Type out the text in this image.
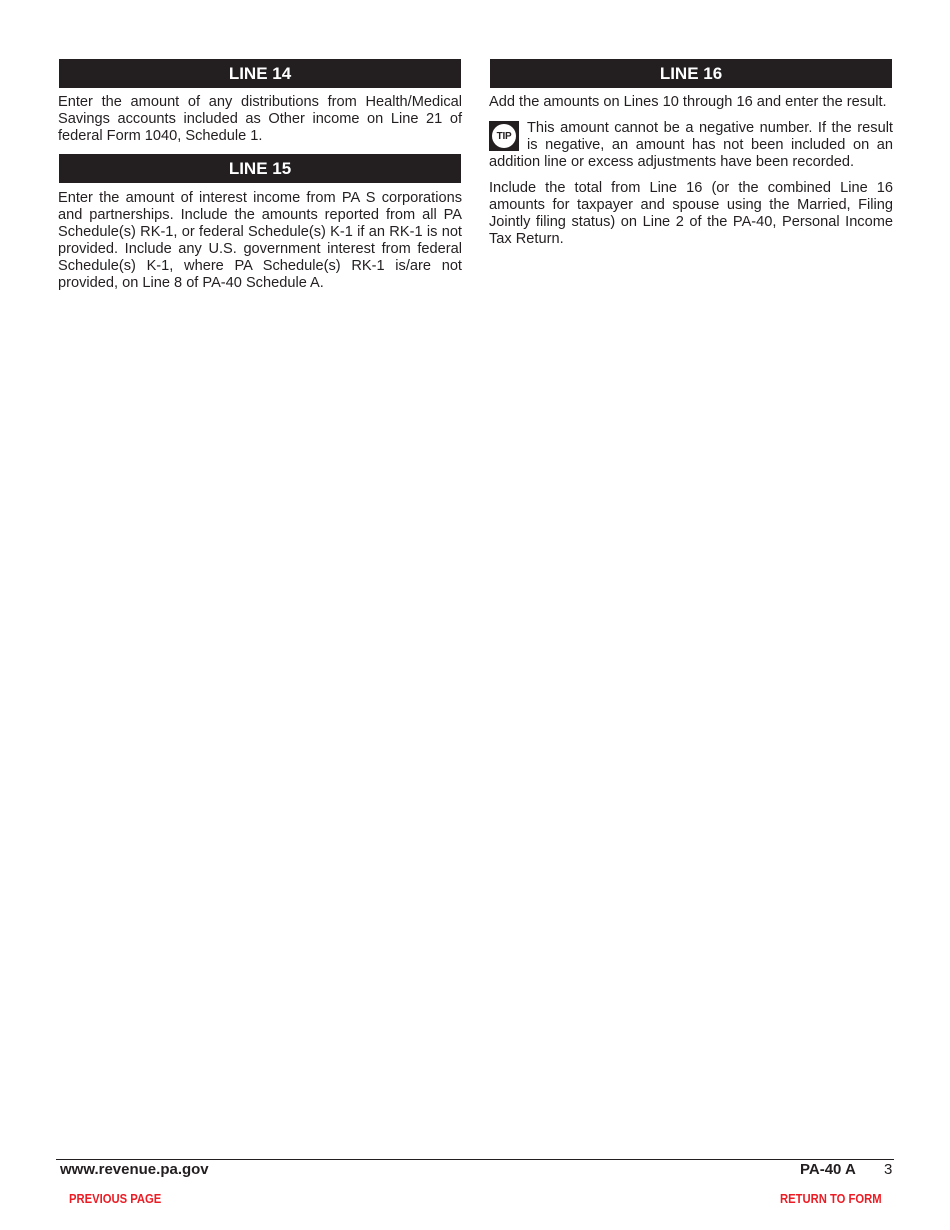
LINE 14

Enter the amount of any distributions from Health/Medical Savings accounts included as Other income on Line 21 of federal Form 1040, Schedule 1.

LINE 15

Enter the amount of interest income from PA S corporations and partnerships. Include the amounts reported from all PA Schedule(s) RK-1, or federal Schedule(s) K-1 if an RK-1 is not provided. Include any U.S. government interest from federal Schedule(s) K-1, where PA Schedule(s) RK-1 is/are not provided, on Line 8 of PA-40 Schedule A.

LINE 16

Add the amounts on Lines 10 through 16 and enter the result.

TIP	This amount cannot be a negative number. If the result is negative, an amount has not been included on an addition line or excess adjustments have been recorded.

Include the total from Line 16 (or the combined Line 16 amounts for taxpayer and spouse using the Married, Filing Jointly filing status) on Line 2 of the PA-40, Personal Income Tax Return.

www.revenue.pa.gov	PA-40 A 3
PREVIOUS PAGE	RETURN TO FORM
